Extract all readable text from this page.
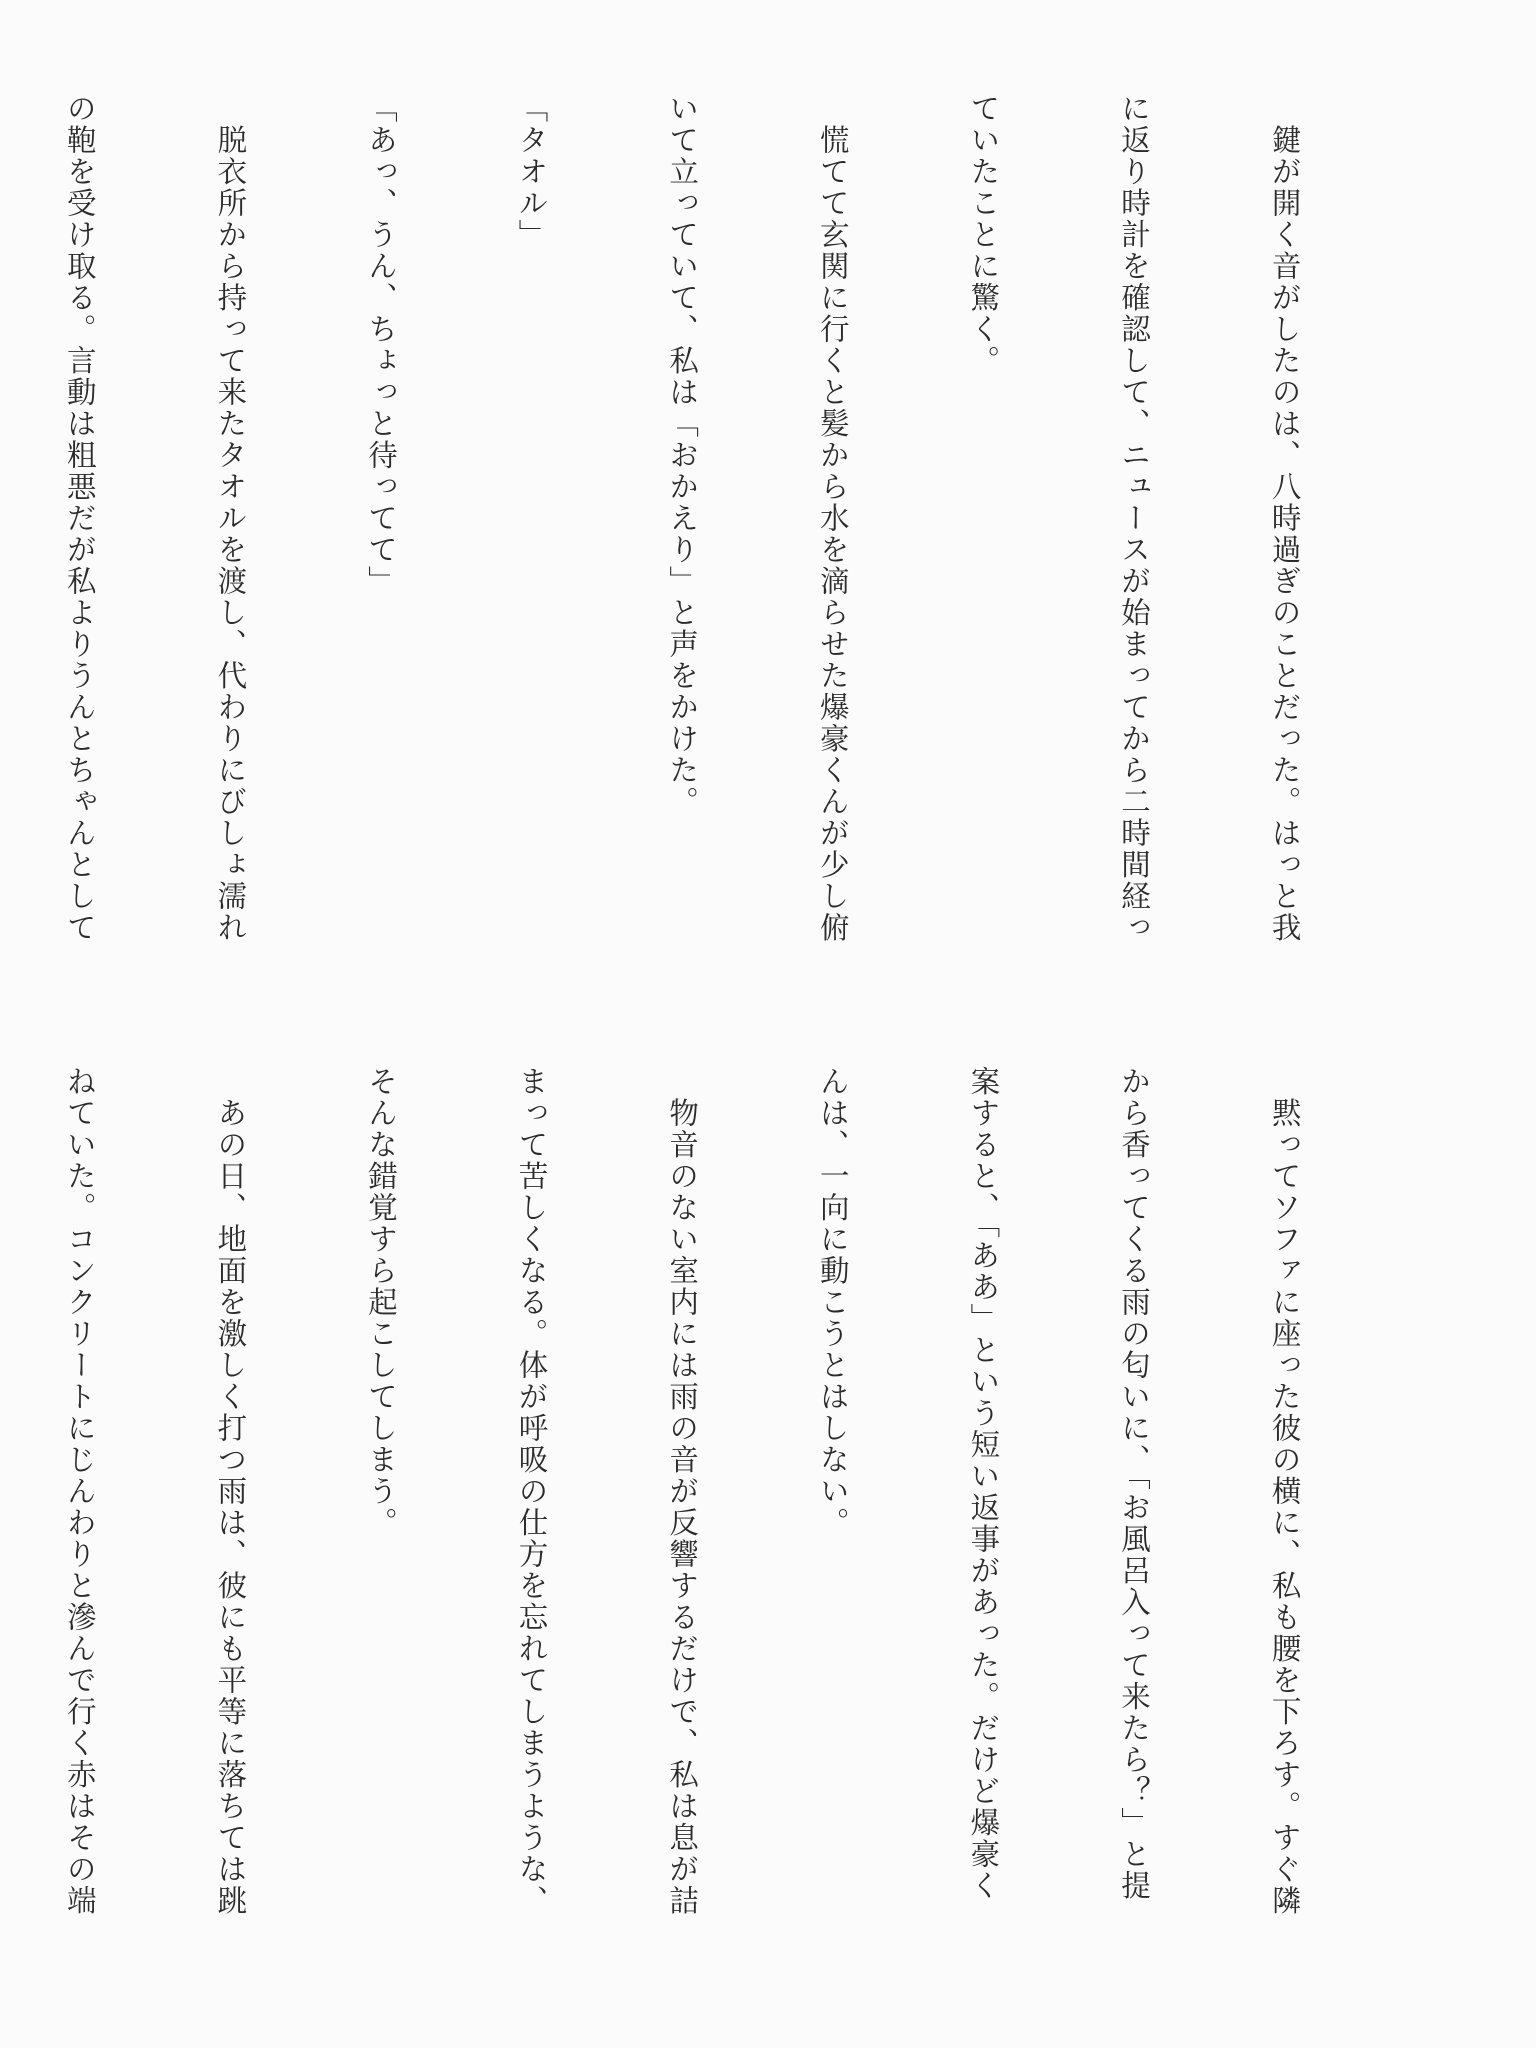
　鍵が開く音がしたのは、八時過ぎのことだった。はっと我

に返り時計を確認して、ニュースが始まってから二時間経っ

ていたことに驚く。

　慌てて玄関に行くと髪から水を滴らせた爆豪くんが少し俯

いて立っていて、私は「おかえり」と声をかけた。

「タオル」

「あっ、うん、ちょっと待ってて」

　脱衣所から持って来たタオルを渡し、代わりにびしょ濡れ

の鞄を受け取る。言動は粗悪だが私よりうんとちゃんとして

　黙ってソファに座った彼の横に、私も腰を下ろす。すぐ隣

から香ってくる雨の匂いに、「お風呂入って来たら？」と提

案すると、「ああ」という短い返事があった。だけど爆豪く

んは、一向に動こうとはしない。

　物音のない室内には雨の音が反響するだけで、私は息が詰

まって苦しくなる。体が呼吸の仕方を忘れてしまうような、

そんな錯覚すら起こしてしまう。

　あの日、地面を激しく打つ雨は、彼にも平等に落ちては跳

ねていた。コンクリートにじんわりと滲んで行く赤はその端
